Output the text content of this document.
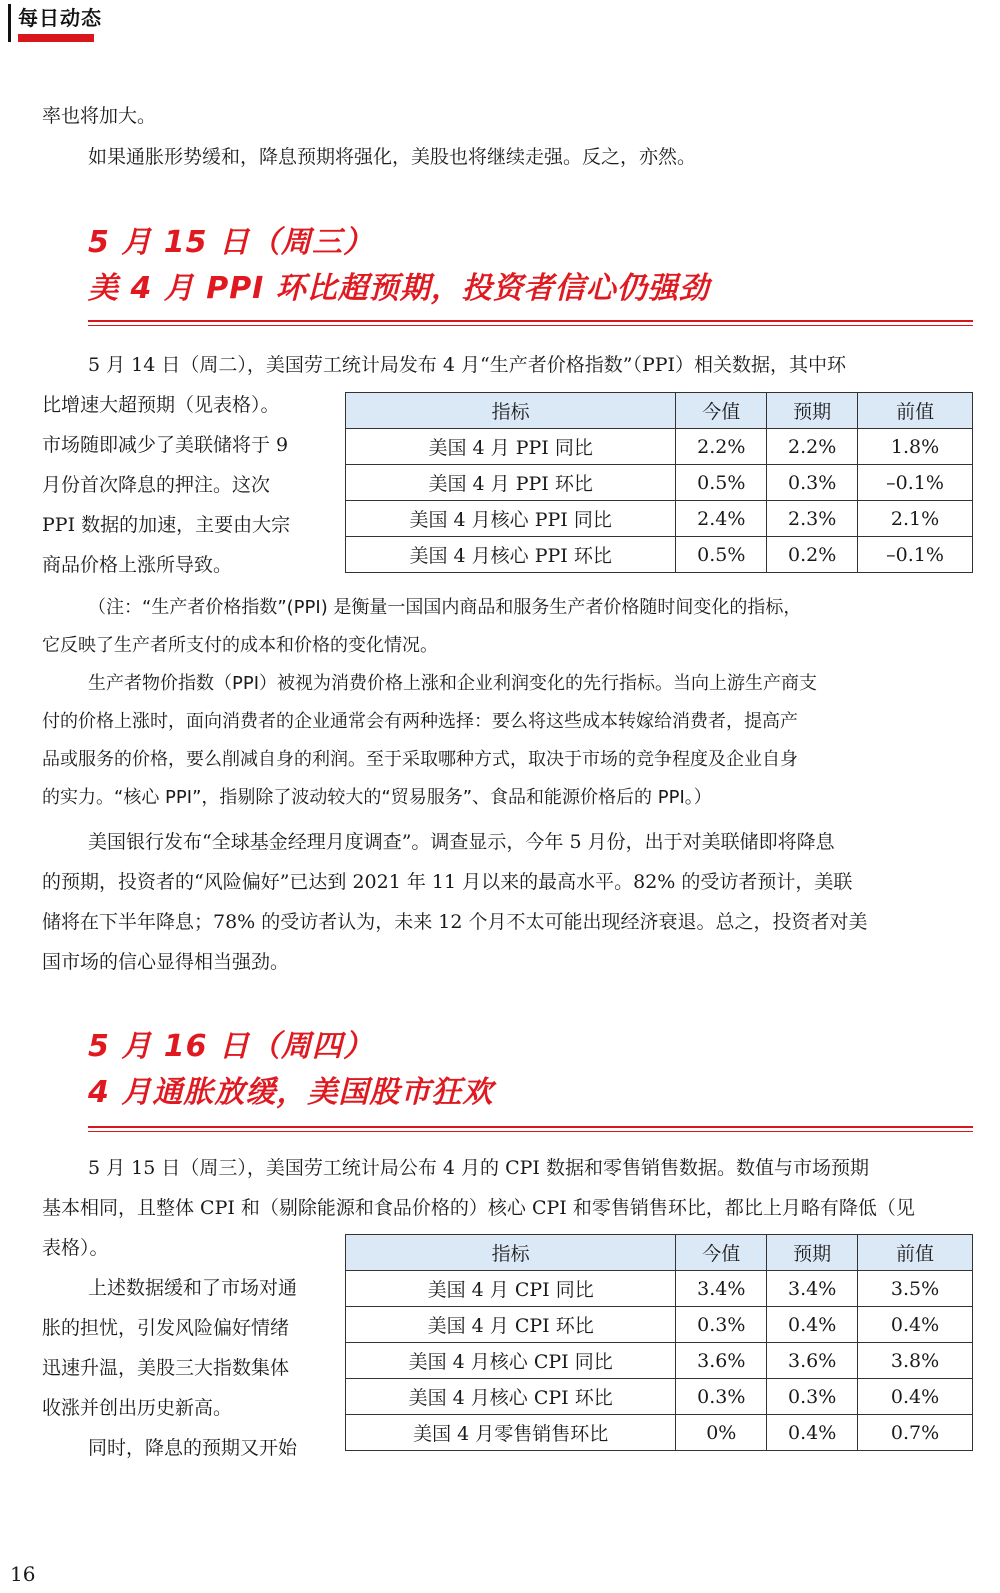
每日动态

率也将加大。

如果通胀形势缓和，降息预期将强化，美股也将继续走强。反之，亦然。

5 月 15 日（周三）
美 4 月 PPI 环比超预期，投资者信心仍强劲

5 月 14 日（周二），美国劳工统计局发布 4 月“生产者价格指数”（PPI）相关数据，其中环

比增速大超预期（见表格）。

市场随即减少了美联储将于 9

月份首次降息的押注。这次

PPI 数据的加速，主要由大宗

商品价格上涨所导致。

指标	今值	预期	前值
美国 4 月 PPI 同比	2.2%	2.2%	1.8%
美国 4 月 PPI 环比	0.5%	0.3%	–0.1%
美国 4 月核心 PPI 同比	2.4%	2.3%	2.1%
美国 4 月核心 PPI 环比	0.5%	0.2%	–0.1%

（注：“生产者价格指数”(PPI) 是衡量一国国内商品和服务生产者价格随时间变化的指标，

它反映了生产者所支付的成本和价格的变化情况。

生产者物价指数（PPI）被视为消费价格上涨和企业利润变化的先行指标。当向上游生产商支

付的价格上涨时，面向消费者的企业通常会有两种选择：要么将这些成本转嫁给消费者，提高产

品或服务的价格，要么削减自身的利润。至于采取哪种方式，取决于市场的竞争程度及企业自身

的实力。“核心 PPI”，指剔除了波动较大的“贸易服务”、食品和能源价格后的 PPI。）

美国银行发布“全球基金经理月度调查”。调查显示，今年 5 月份，出于对美联储即将降息

的预期，投资者的“风险偏好”已达到 2021 年 11 月以来的最高水平。82% 的受访者预计，美联

储将在下半年降息；78% 的受访者认为，未来 12 个月不太可能出现经济衰退。总之，投资者对美

国市场的信心显得相当强劲。

5 月 16 日（周四）
4 月通胀放缓，美国股市狂欢

5 月 15 日（周三），美国劳工统计局公布 4 月的 CPI 数据和零售销售数据。数值与市场预期

基本相同，且整体 CPI 和（剔除能源和食品价格的）核心 CPI 和零售销售环比，都比上月略有降低（见

表格）。

上述数据缓和了市场对通

胀的担忧，引发风险偏好情绪

迅速升温，美股三大指数集体

收涨并创出历史新高。

同时，降息的预期又开始

指标	今值	预期	前值
美国 4 月 CPI 同比	3.4%	3.4%	3.5%
美国 4 月 CPI 环比	0.3%	0.4%	0.4%
美国 4 月核心 CPI 同比	3.6%	3.6%	3.8%
美国 4 月核心 CPI 环比	0.3%	0.3%	0.4%
美国 4 月零售销售环比	0%	0.4%	0.7%
16
